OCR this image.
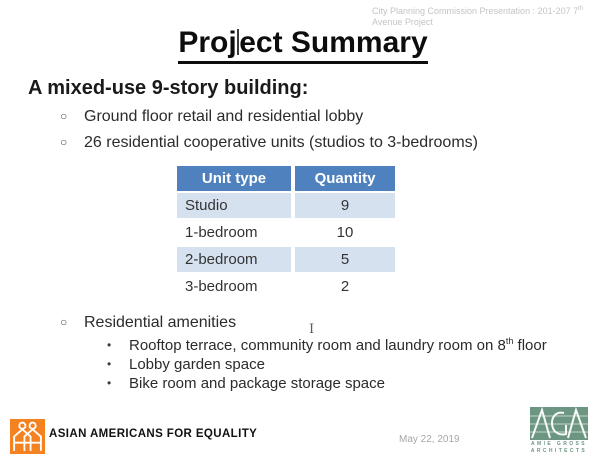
City Planning Commission Presentation : 201-207 7th Avenue Project
Project Summary
A mixed-use 9-story building:
○ Ground floor retail and residential lobby
○ 26 residential cooperative units (studios to 3-bedrooms)
Unit type	Quantity
Studio	9
1-bedroom	10
2-bedroom	5
3-bedroom	2
○ Residential amenities
• Rooftop terrace, community room and laundry room on 8th floor
• Lobby garden space
• Bike room and package storage space
I
ASIAN AMERICANS FOR EQUALITY	May 22, 2019	AMIE GROSS
ARCHITECTS
